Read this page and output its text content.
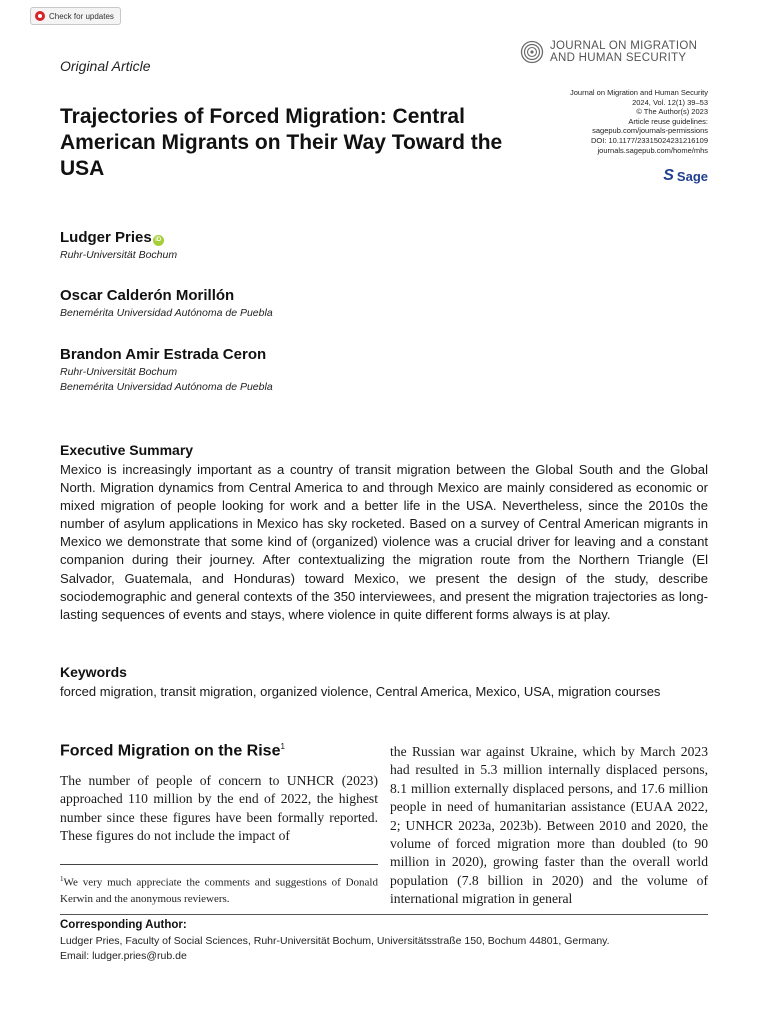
Check for updates
Original Article
JOURNAL ON MIGRATION
AND HUMAN SECURITY
Journal on Migration and Human Security
2024, Vol. 12(1) 39–53
© The Author(s) 2023
Article reuse guidelines:
sagepub.com/journals-permissions
DOI: 10.1177/23315024231216109
journals.sagepub.com/home/mhs
S Sage
Trajectories of Forced Migration: Central American Migrants on Their Way Toward the USA
Ludger Pries iD
Ruhr-Universität Bochum
Oscar Calderón Morillón
Benemérita Universidad Autónoma de Puebla
Brandon Amir Estrada Ceron
Ruhr-Universität Bochum
Benemérita Universidad Autónoma de Puebla
Executive Summary
Mexico is increasingly important as a country of transit migration between the Global South and the Global North. Migration dynamics from Central America to and through Mexico are mainly considered as economic or mixed migration of people looking for work and a better life in the USA. Nevertheless, since the 2010s the number of asylum applications in Mexico has sky rocketed. Based on a survey of Central American migrants in Mexico we demonstrate that some kind of (organized) violence was a crucial driver for leaving and a constant companion during their journey. After contextualizing the migration route from the Northern Triangle (El Salvador, Guatemala, and Honduras) toward Mexico, we present the design of the study, describe sociodemographic and general contexts of the 350 interviewees, and present the migration trajectories as long-lasting sequences of events and stays, where violence in quite different forms always is at play.
Keywords
forced migration, transit migration, organized violence, Central America, Mexico, USA, migration courses
Forced Migration on the Rise$^1$
The number of people of concern to UNHCR (2023) approached 110 million by the end of 2022, the highest number since these figures have been formally reported. These figures do not include the impact of
the Russian war against Ukraine, which by March 2023 had resulted in 5.3 million internally displaced persons, 8.1 million externally displaced persons, and 17.6 million people in need of humanitarian assistance (EUAA 2022, 2; UNHCR 2023a, 2023b). Between 2010 and 2020, the volume of forced migration more than doubled (to 90 million in 2020), growing faster than the overall world population (7.8 billion in 2020) and the volume of international migration in general
$^1$We very much appreciate the comments and suggestions of Donald Kerwin and the anonymous reviewers.
Corresponding Author:
Ludger Pries, Faculty of Social Sciences, Ruhr-Universität Bochum, Universitätsstraße 150, Bochum 44801, Germany.
Email: ludger.pries@rub.de
